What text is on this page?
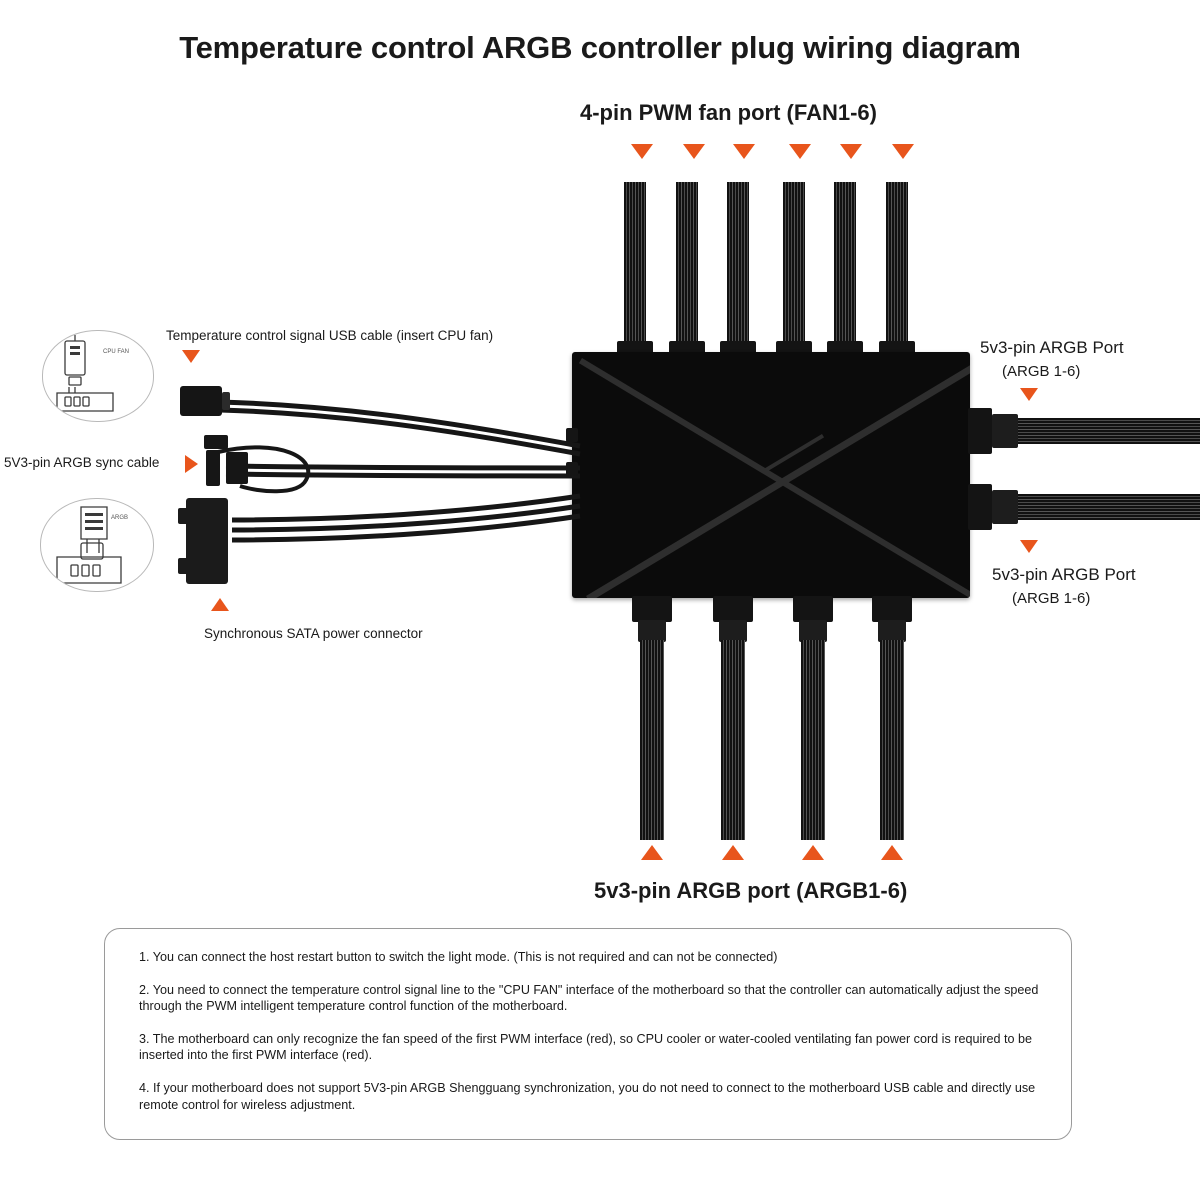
Temperature control ARGB controller plug wiring diagram
4-pin PWM fan port (FAN1-6)
5v3-pin ARGB Port
(ARGB 1-6)
5v3-pin ARGB Port
(ARGB 1-6)
5v3-pin ARGB port (ARGB1-6)
Temperature control signal USB cable (insert CPU fan)
5V3-pin ARGB sync cable
Synchronous SATA power connector
CPU FAN
ARGB
1. You can connect the host restart button to switch the light mode. (This is not required and can not be connected)
2. You need to connect the temperature control signal line to the "CPU FAN" interface of the motherboard so that the controller can automatically adjust the speed through the PWM intelligent temperature control function of the motherboard.
3. The motherboard can only recognize the fan speed of the first PWM interface (red), so CPU cooler or water-cooled ventilating fan power cord is required to be inserted into the first PWM interface (red).
4. If your motherboard does not support 5V3-pin ARGB Shengguang synchronization, you do not need to connect to the motherboard USB cable and directly use remote control for wireless adjustment.
